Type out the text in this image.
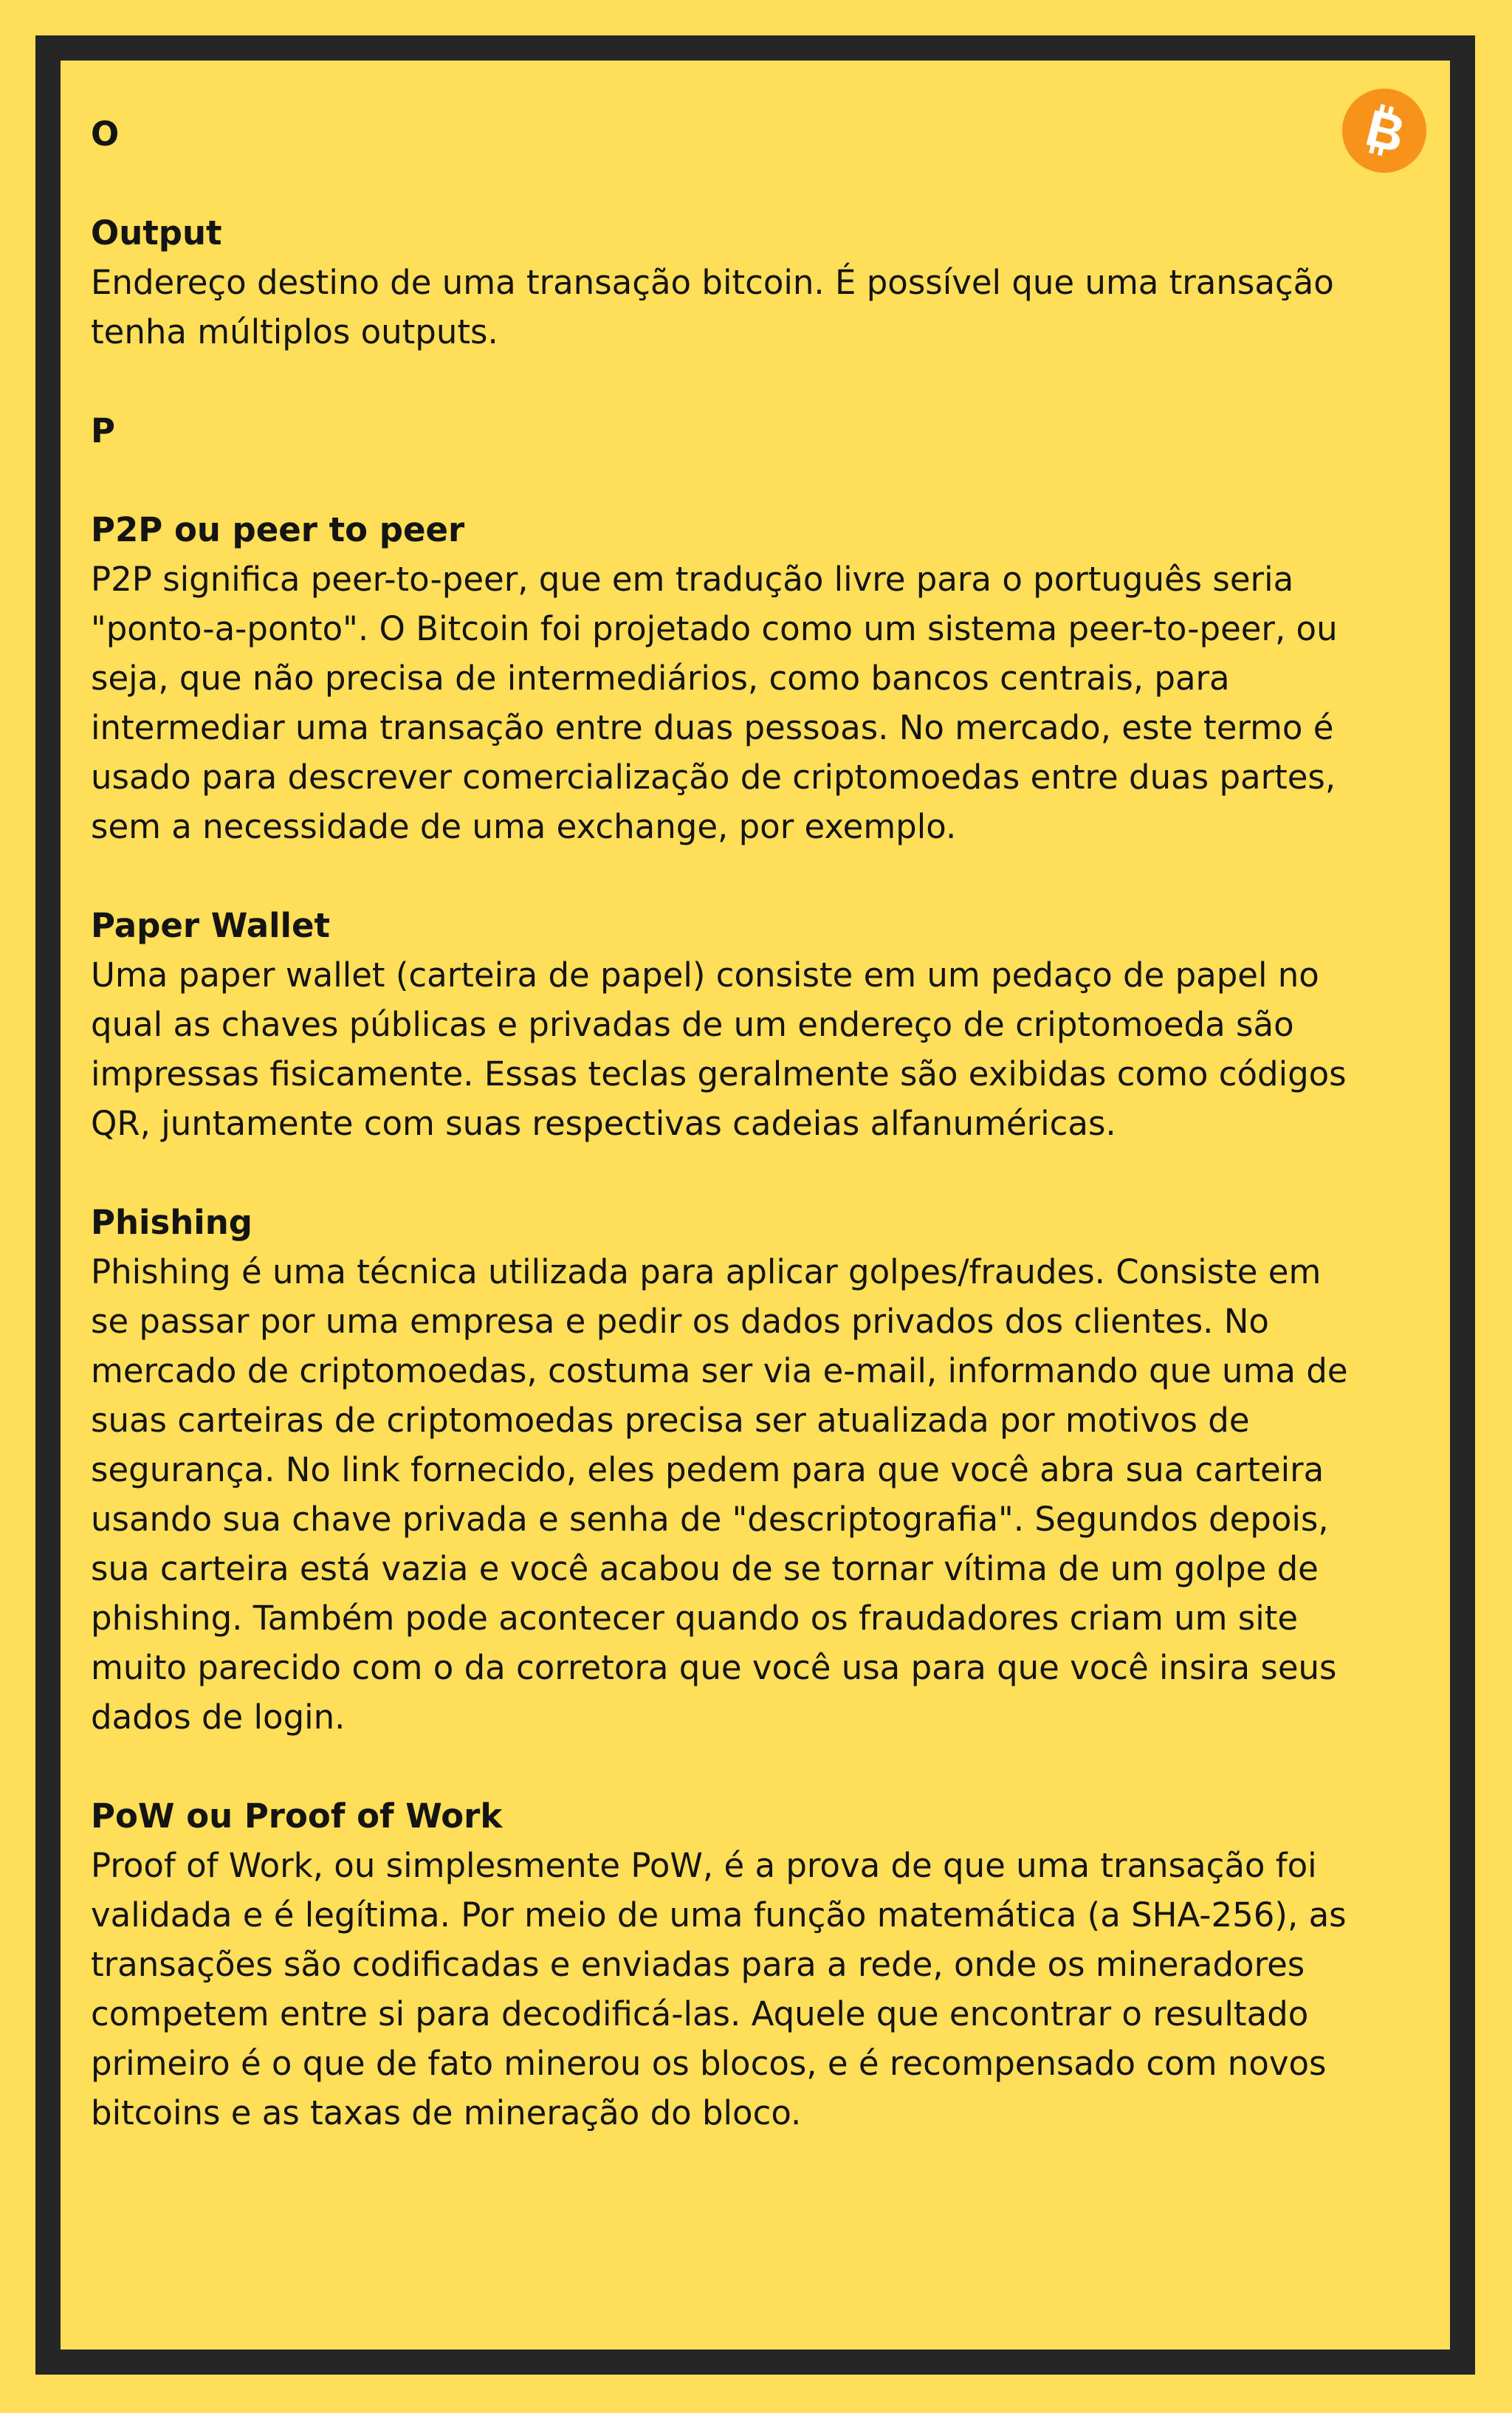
O

Output

Endereço destino de uma transação bitcoin. É possível que uma transação tenha múltiplos outputs.

P

P2P ou peer to peer

P2P significa peer-to-peer, que em tradução livre para o português seria "ponto-a-ponto". O Bitcoin foi projetado como um sistema peer-to-peer, ou seja, que não precisa de intermediários, como bancos centrais, para intermediar uma transação entre duas pessoas. No mercado, este termo é usado para descrever comercialização de criptomoedas entre duas partes, sem a necessidade de uma exchange, por exemplo.

Paper Wallet

Uma paper wallet (carteira de papel) consiste em um pedaço de papel no qual as chaves públicas e privadas de um endereço de criptomoeda são impressas fisicamente. Essas teclas geralmente são exibidas como códigos QR, juntamente com suas respectivas cadeias alfanuméricas.

Phishing

Phishing é uma técnica utilizada para aplicar golpes/fraudes. Consiste em se passar por uma empresa e pedir os dados privados dos clientes. No mercado de criptomoedas, costuma ser via e-mail, informando que uma de suas carteiras de criptomoedas precisa ser atualizada por motivos de segurança. No link fornecido, eles pedem para que você abra sua carteira usando sua chave privada e senha de "descriptografia". Segundos depois, sua carteira está vazia e você acabou de se tornar vítima de um golpe de phishing. Também pode acontecer quando os fraudadores criam um site muito parecido com o da corretora que você usa para que você insira seus dados de login.

PoW ou Proof of Work

Proof of Work, ou simplesmente PoW, é a prova de que uma transação foi validada e é legítima. Por meio de uma função matemática (a SHA-256), as transações são codificadas e enviadas para a rede, onde os mineradores competem entre si para decodificá-las. Aquele que encontrar o resultado primeiro é o que de fato minerou os blocos, e é recompensado com novos bitcoins e as taxas de mineração do bloco.
